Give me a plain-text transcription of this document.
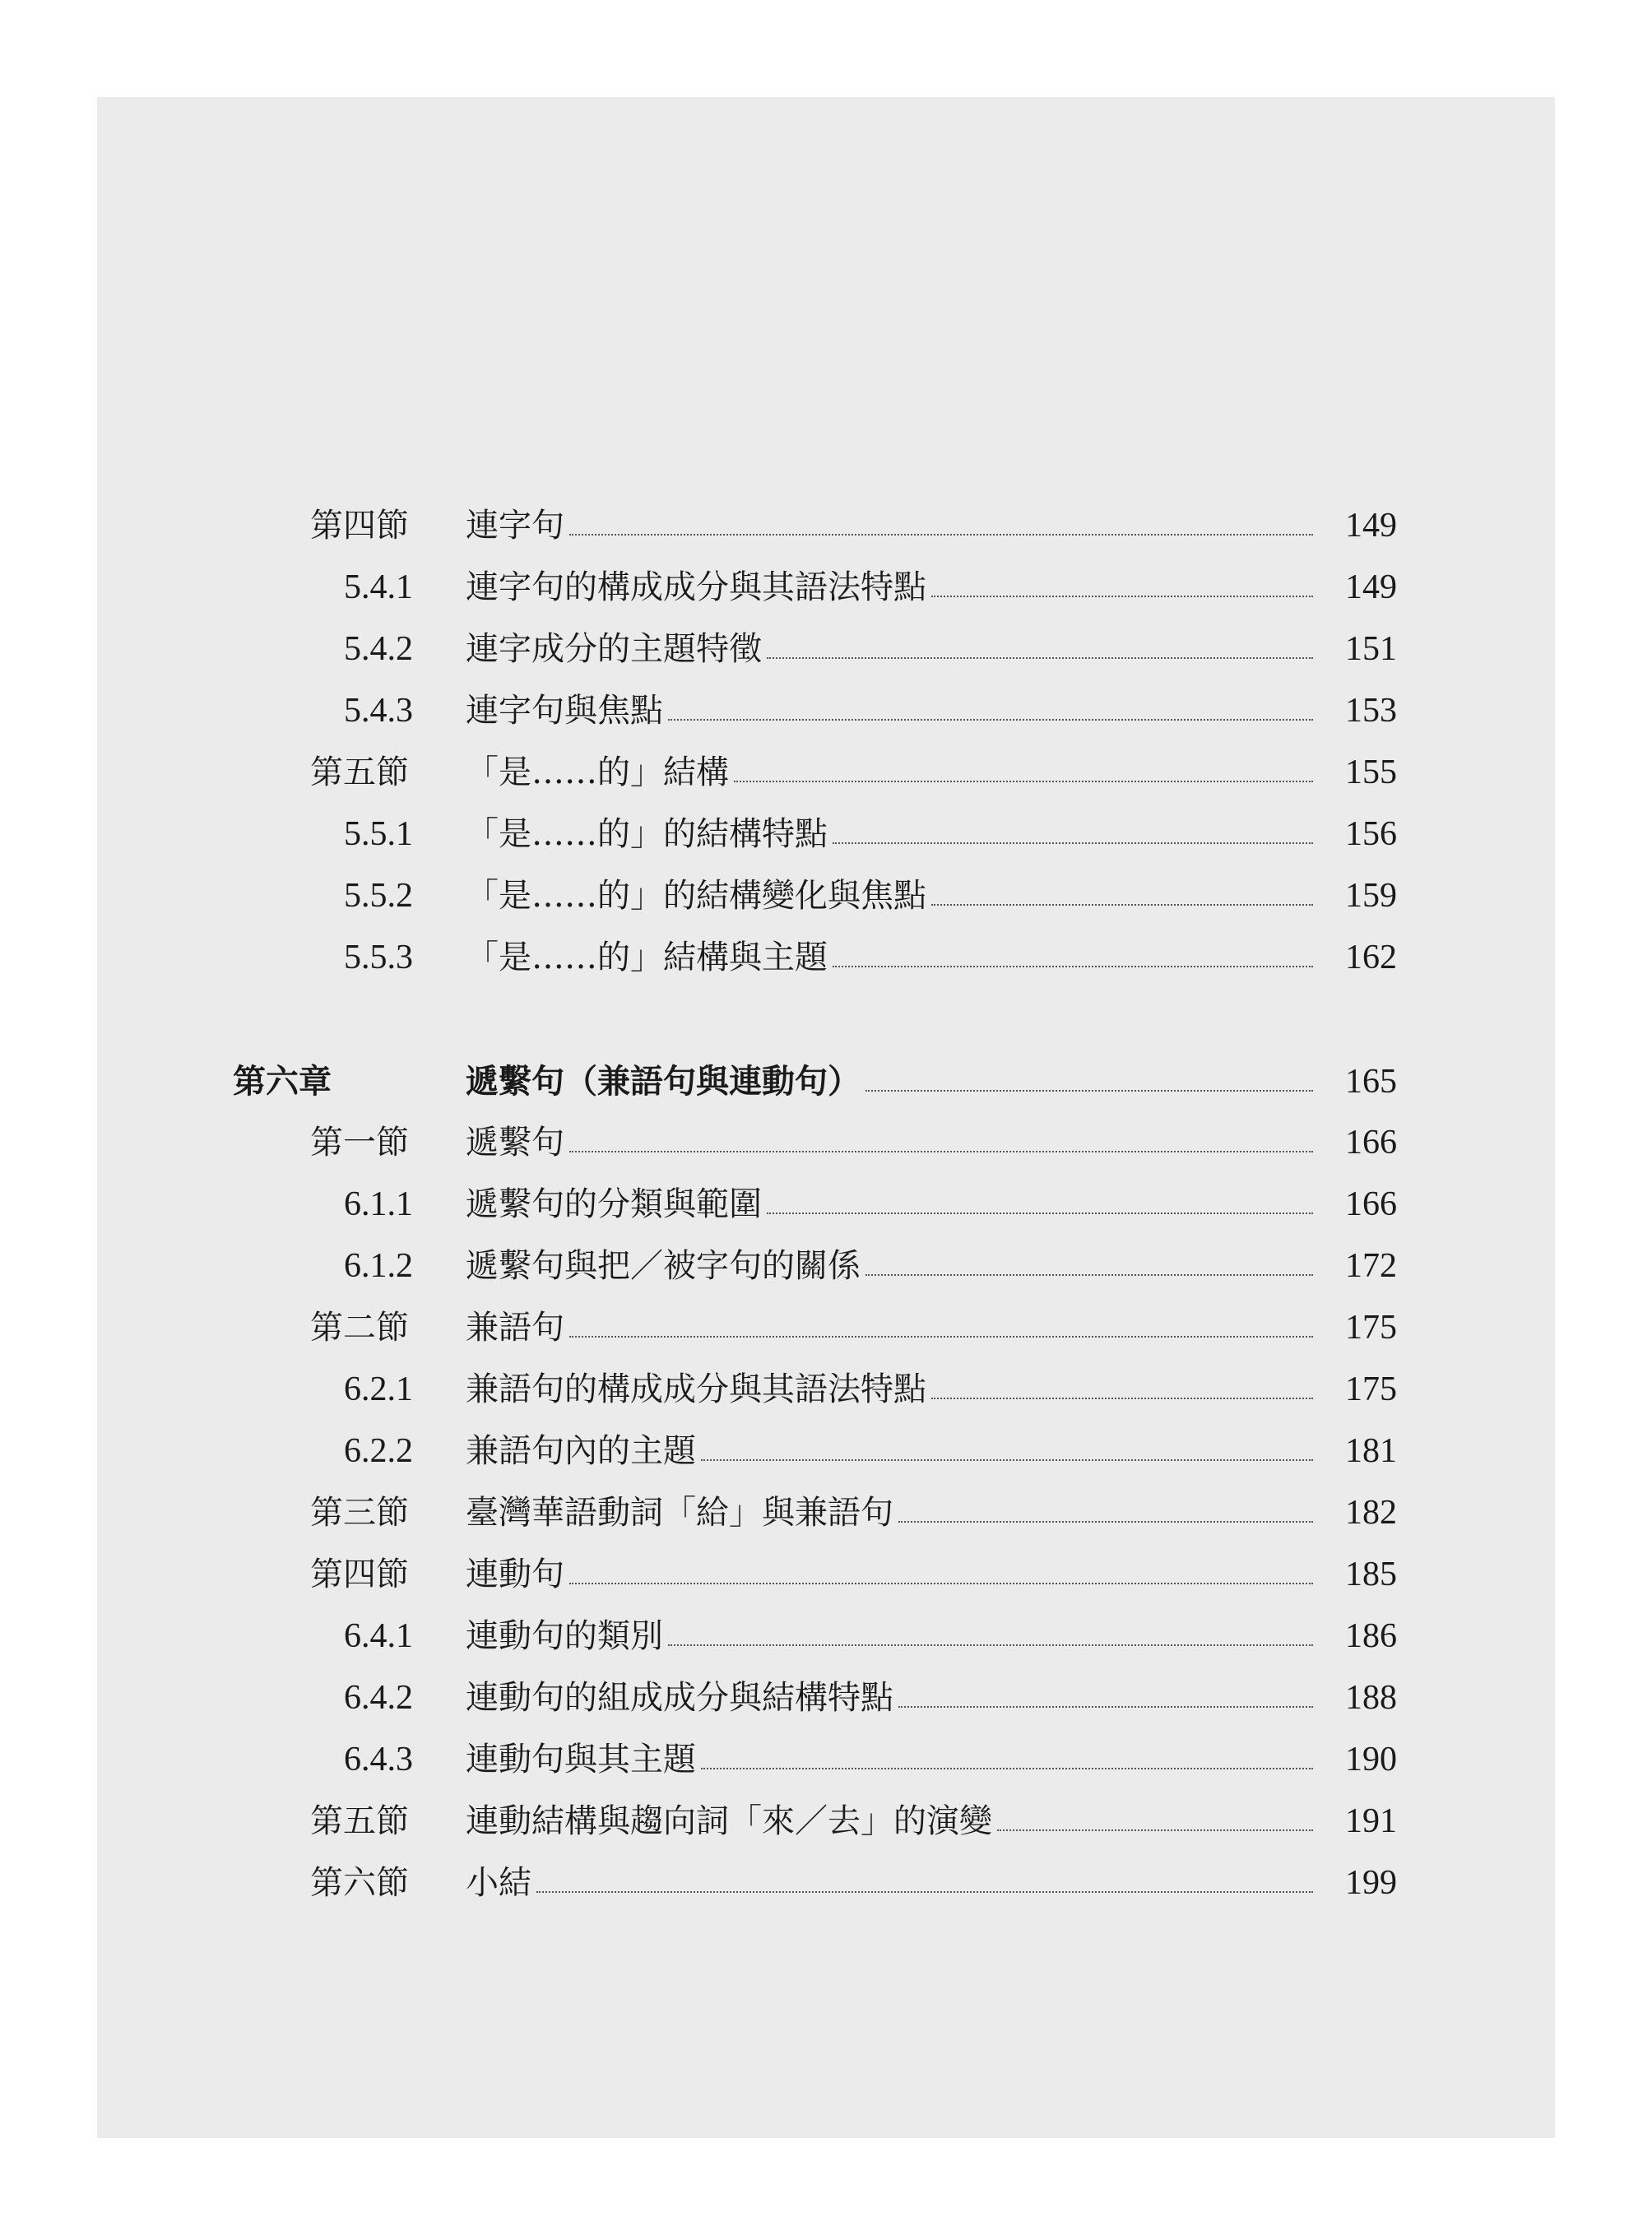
第四節 連字句	149
5.4.1 連字句的構成成分與其語法特點	149
5.4.2 連字成分的主題特徵	151
5.4.3 連字句與焦點	153
第五節 「是……的」結構	155
5.5.1 「是……的」的結構特點	156
5.5.2 「是……的」的結構變化與焦點	159
5.5.3 「是……的」結構與主題	162
第六章	遞繫句（兼語句與連動句）	165
第一節 遞繫句	166
6.1.1 遞繫句的分類與範圍	166
6.1.2 遞繫句與把／被字句的關係	172
第二節 兼語句	175
6.2.1 兼語句的構成成分與其語法特點	175
6.2.2 兼語句內的主題	181
第三節 臺灣華語動詞「給」與兼語句	182
第四節 連動句	185
6.4.1 連動句的類別	186
6.4.2 連動句的組成成分與結構特點	188
6.4.3 連動句與其主題	190
第五節 連動結構與趨向詞「來／去」的演變	191
第六節 小結	199
